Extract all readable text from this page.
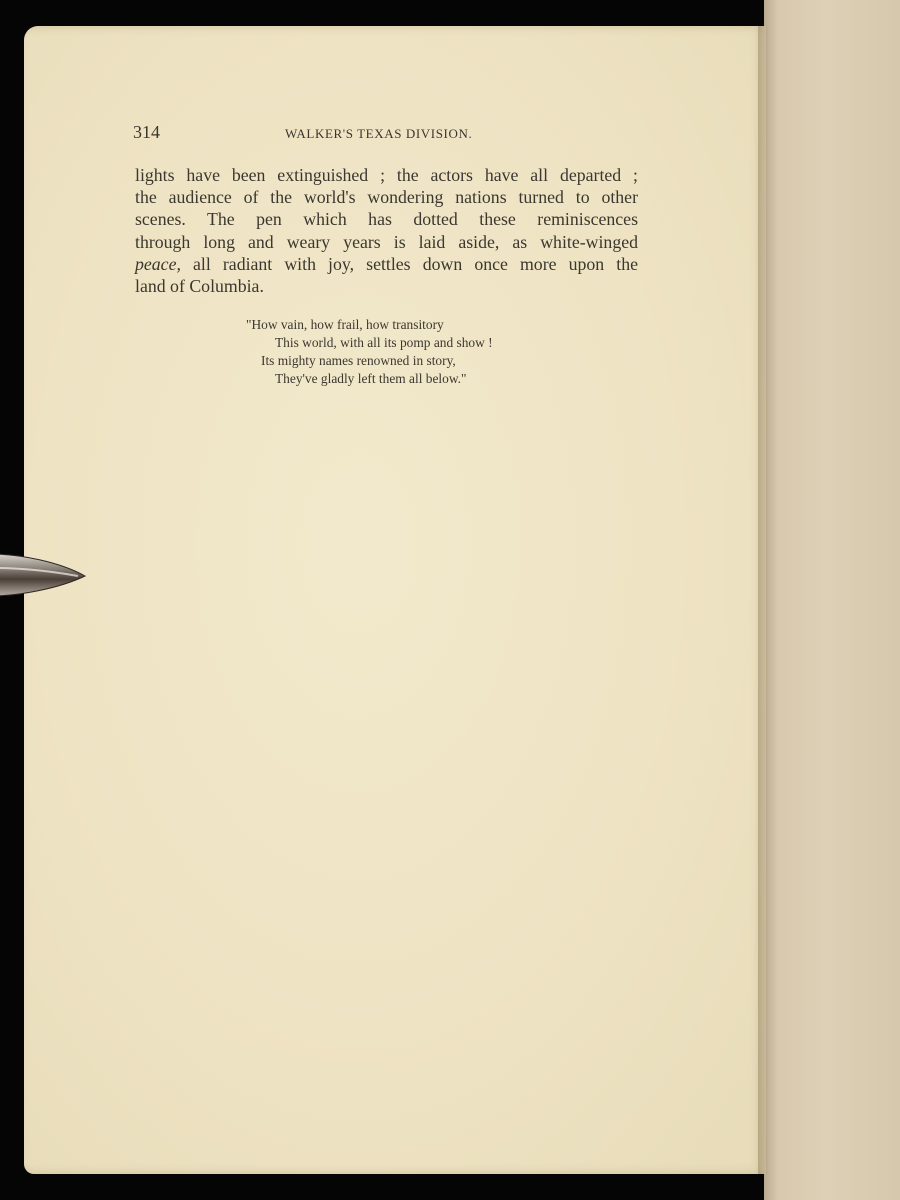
314	WALKER'S TEXAS DIVISION.
lights have been extinguished ; the actors have all departed ;
the audience of the world's wondering nations turned to other
scenes. The pen which has dotted these reminiscences
through long and weary years is laid aside, as white-winged
peace, all radiant with joy, settles down once more upon the
land of Columbia.
"How vain, how frail, how transitory
This world, with all its pomp and show !
Its mighty names renowned in story,
They've gladly left them all below."
